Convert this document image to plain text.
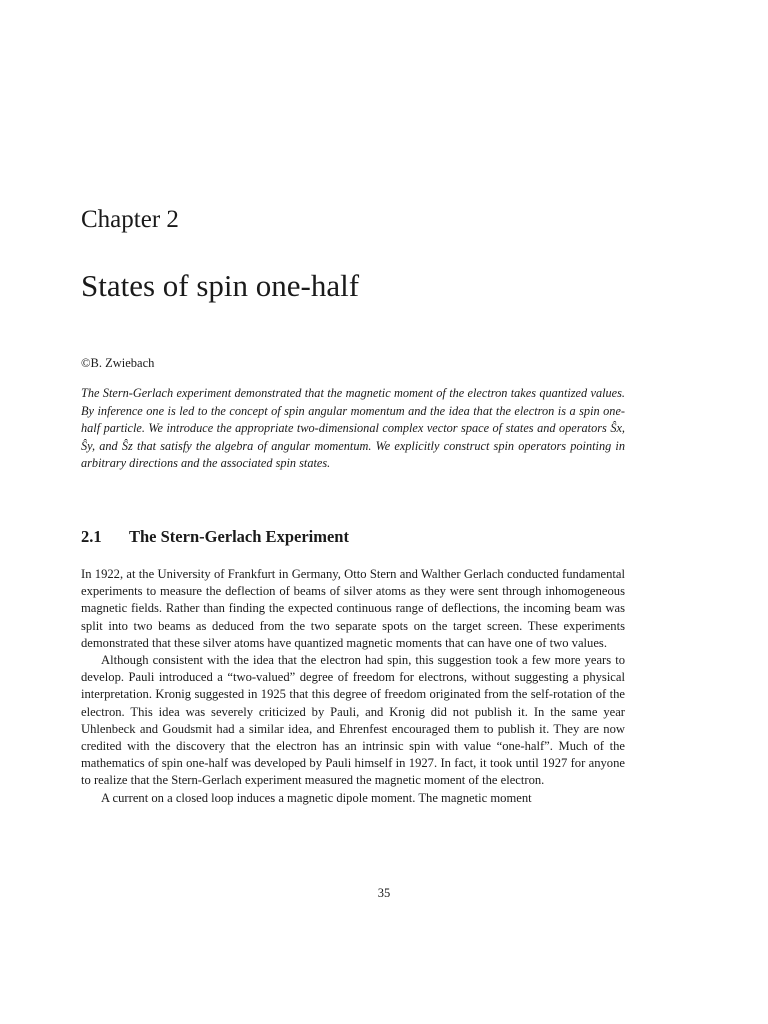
Chapter 2
States of spin one-half
©B. Zwiebach
The Stern-Gerlach experiment demonstrated that the magnetic moment of the electron takes quantized values. By inference one is led to the concept of spin angular momentum and the idea that the electron is a spin one-half particle. We introduce the appropriate two-dimensional complex vector space of states and operators Ŝx, Ŝy, and Ŝz that satisfy the algebra of angular momentum. We explicitly construct spin operators pointing in arbitrary directions and the associated spin states.
2.1 The Stern-Gerlach Experiment

In 1922, at the University of Frankfurt in Germany, Otto Stern and Walther Gerlach conducted fundamental experiments to measure the deflection of beams of silver atoms as they were sent through inhomogeneous magnetic fields. Rather than finding the expected continuous range of deflections, the incoming beam was split into two beams as deduced from the two separate spots on the target screen. These experiments demonstrated that these silver atoms have quantized magnetic moments that can have one of two values.

Although consistent with the idea that the electron had spin, this suggestion took a few more years to develop. Pauli introduced a “two-valued” degree of freedom for electrons, without suggesting a physical interpretation. Kronig suggested in 1925 that this degree of freedom originated from the self-rotation of the electron. This idea was severely criticized by Pauli, and Kronig did not publish it. In the same year Uhlenbeck and Goudsmit had a similar idea, and Ehrenfest encouraged them to publish it. They are now credited with the discovery that the electron has an intrinsic spin with value “one-half”. Much of the mathematics of spin one-half was developed by Pauli himself in 1927. In fact, it took until 1927 for anyone to realize that the Stern-Gerlach experiment measured the magnetic moment of the electron.

A current on a closed loop induces a magnetic dipole moment. The magnetic moment

35
